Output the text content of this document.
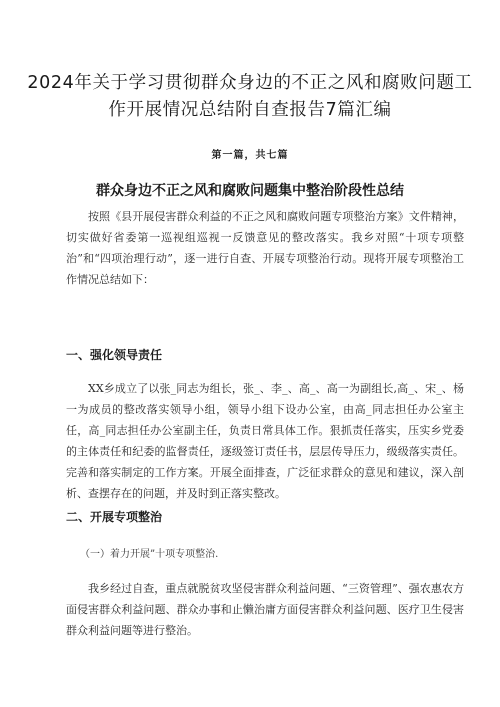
2024年关于学习贯彻群众身边的不正之风和腐败问题工作开展情况总结附自查报告7篇汇编
第一篇，共七篇
群众身边不正之风和腐败问题集中整治阶段性总结

按照《县开展侵害群众利益的不正之风和腐败问题专项整治方案》文件精神，切实做好省委第一巡视组巡视一反馈意见的整改落实。我乡对照“十项专项整治”和“四项治理行动”，逐一进行自查、开展专项整治行动。现将开展专项整治工作情况总结如下：

一、强化领导责任

XX乡成立了以张_同志为组长，张_、李_、高_、高一为副组长,高_、宋_、杨一为成员的整改落实领导小组，领导小组下设办公室，由高_同志担任办公室主任，高_同志担任办公室副主任，负责日常具体工作。狠抓责任落实，压实乡党委的主体责任和纪委的监督责任，逐级签订责任书，层层传导压力，级级落实责任。完善和落实制定的工作方案。开展全面排查，广泛征求群众的意见和建议，深入剖析、查摆存在的问题，并及时到正落实整改。

二、开展专项整治
（一）着力开展”十项专项整治.

我乡经过自查，重点就脱贫攻坚侵害群众利益问题、“三资管理”、强农惠农方面侵害群众利益问题、群众办事和止懒治庸方面侵害群众利益问题、医疗卫生侵害群众利益问题等进行整治。
